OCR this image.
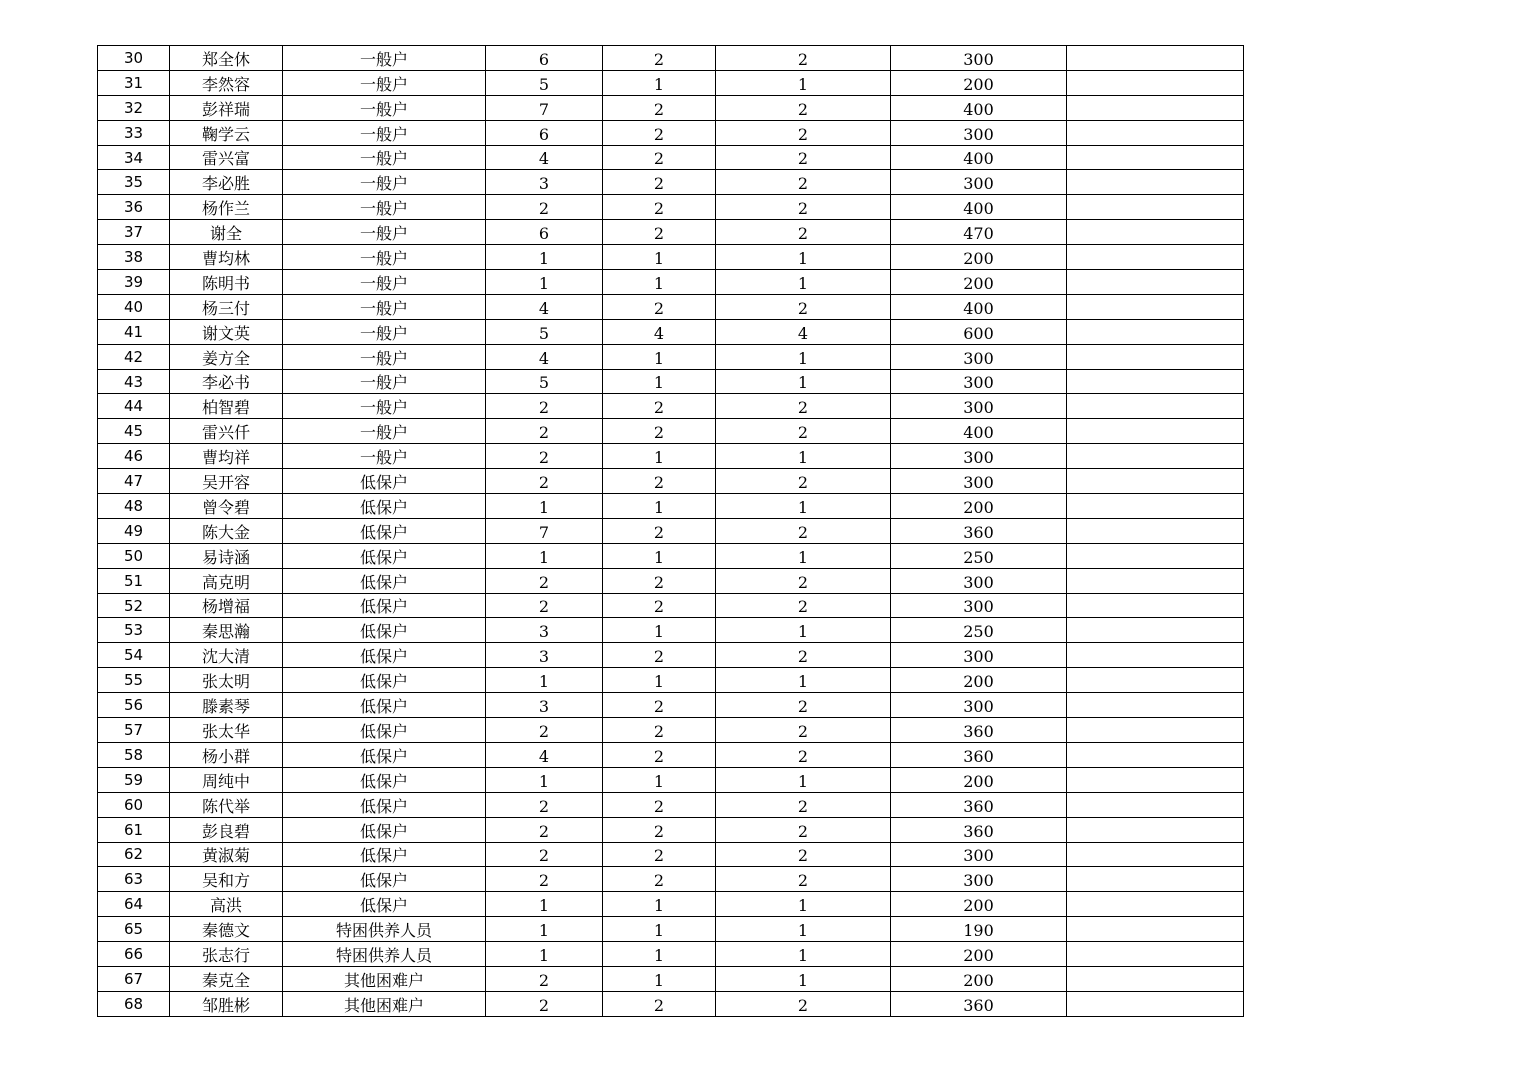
30	郑全休	一般户	6	2	2	300	
31	李然容	一般户	5	1	1	200	
32	彭祥瑞	一般户	7	2	2	400	
33	鞠学云	一般户	6	2	2	300	
34	雷兴富	一般户	4	2	2	400	
35	李必胜	一般户	3	2	2	300	
36	杨作兰	一般户	2	2	2	400	
37	谢全	一般户	6	2	2	470	
38	曹均林	一般户	1	1	1	200	
39	陈明书	一般户	1	1	1	200	
40	杨三付	一般户	4	2	2	400	
41	谢文英	一般户	5	4	4	600	
42	姜方全	一般户	4	1	1	300	
43	李必书	一般户	5	1	1	300	
44	柏智碧	一般户	2	2	2	300	
45	雷兴仟	一般户	2	2	2	400	
46	曹均祥	一般户	2	1	1	300	
47	吴开容	低保户	2	2	2	300	
48	曾令碧	低保户	1	1	1	200	
49	陈大金	低保户	7	2	2	360	
50	易诗涵	低保户	1	1	1	250	
51	高克明	低保户	2	2	2	300	
52	杨增福	低保户	2	2	2	300	
53	秦思瀚	低保户	3	1	1	250	
54	沈大清	低保户	3	2	2	300	
55	张太明	低保户	1	1	1	200	
56	滕素琴	低保户	3	2	2	300	
57	张太华	低保户	2	2	2	360	
58	杨小群	低保户	4	2	2	360	
59	周纯中	低保户	1	1	1	200	
60	陈代举	低保户	2	2	2	360	
61	彭良碧	低保户	2	2	2	360	
62	黄淑菊	低保户	2	2	2	300	
63	吴和方	低保户	2	2	2	300	
64	高洪	低保户	1	1	1	200	
65	秦德文	特困供养人员	1	1	1	190	
66	张志行	特困供养人员	1	1	1	200	
67	秦克全	其他困难户	2	1	1	200	
68	邹胜彬	其他困难户	2	2	2	360	
